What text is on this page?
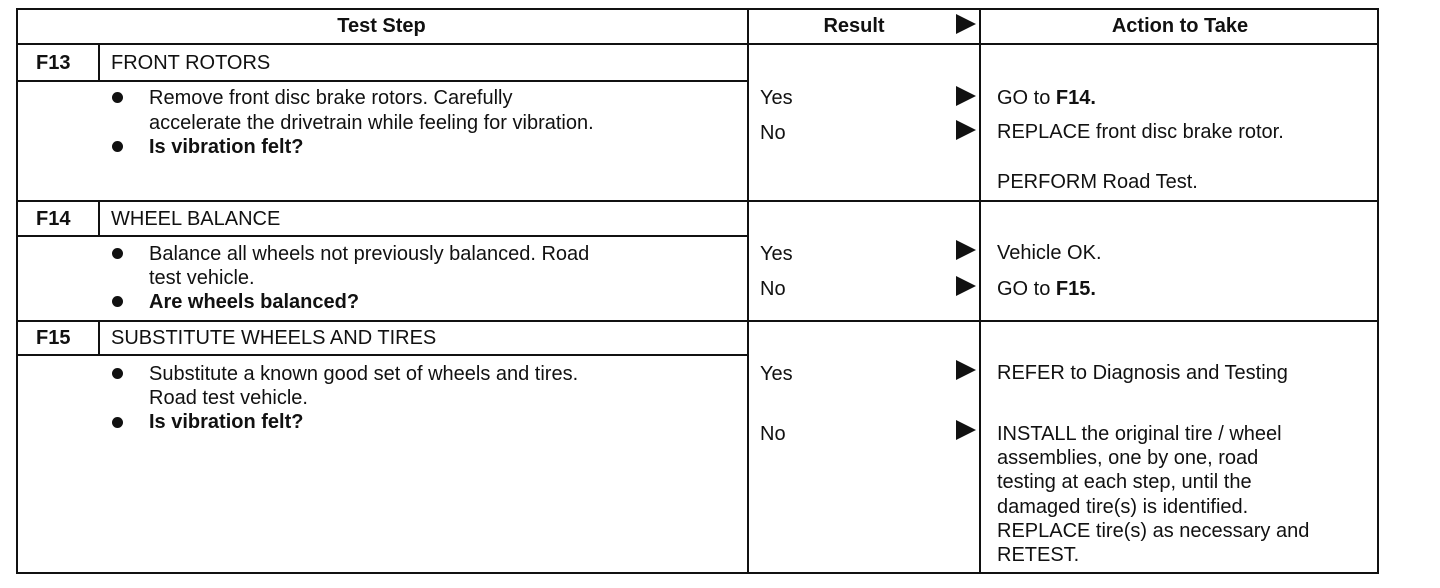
Test Step	Result	Action to Take
F13 FRONT ROTORS
Remove front disc brake rotors. Carefully
accelerate the drivetrain while feeling for vibration.
Is vibration felt?
Yes
No
GO to F14.
REPLACE front disc brake rotor.
PERFORM Road Test.
F14 WHEEL BALANCE
Balance all wheels not previously balanced. Road
test vehicle.
Are wheels balanced?
Yes
No
Vehicle OK.
GO to F15.
F15 SUBSTITUTE WHEELS AND TIRES
Substitute a known good set of wheels and tires.
Road test vehicle.
Is vibration felt?
Yes
No
REFER to Diagnosis and Testing
INSTALL the original tire / wheel
assemblies, one by one, road
testing at each step, until the
damaged tire(s) is identified.
REPLACE tire(s) as necessary and
RETEST.
